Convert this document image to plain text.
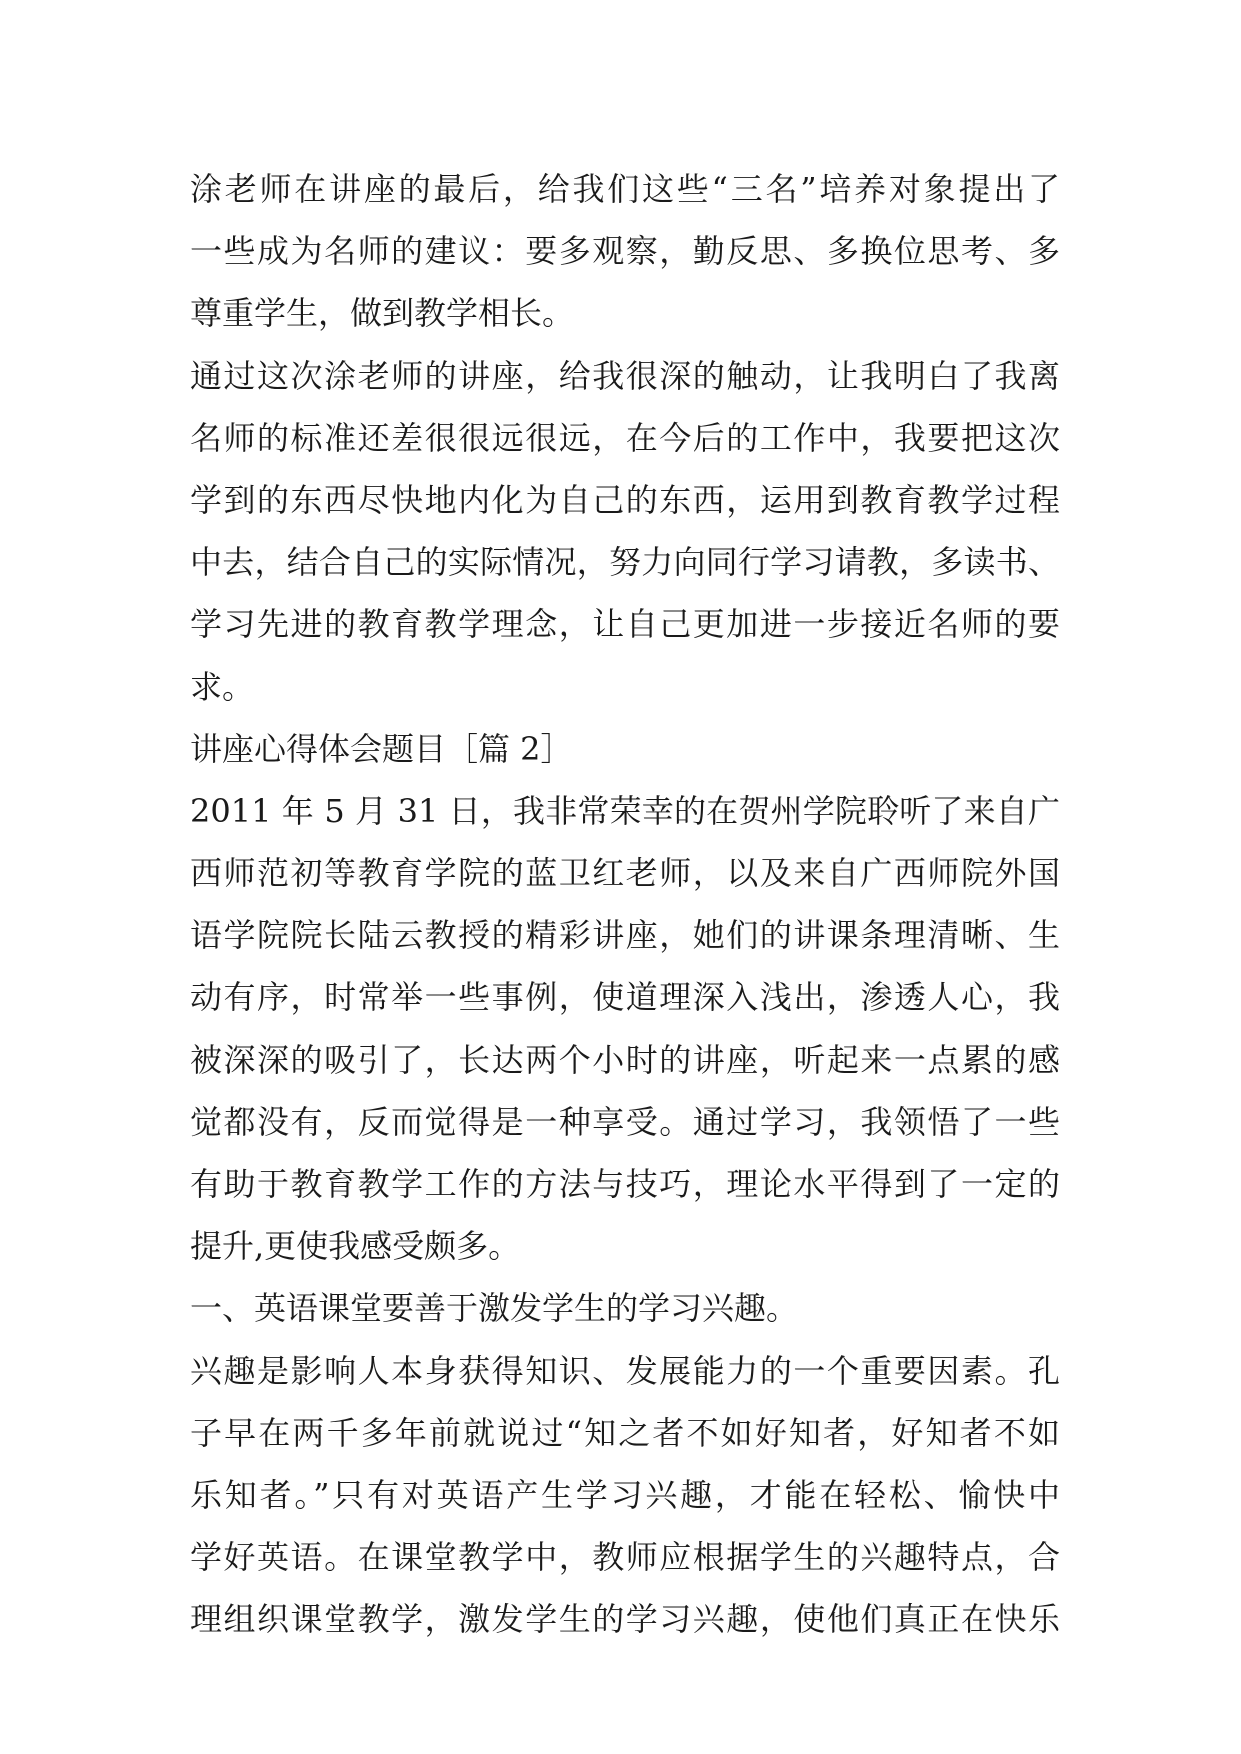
涂老师在讲座的最后，给我们这些“三名”培养对象提出了
一些成为名师的建议：要多观察，勤反思、多换位思考、多
尊重学生，做到教学相长。
通过这次涂老师的讲座，给我很深的触动，让我明白了我离
名师的标准还差很很远很远，在今后的工作中，我要把这次
学到的东西尽快地内化为自己的东西，运用到教育教学过程
中去，结合自己的实际情况，努力向同行学习请教，多读书、
学习先进的教育教学理念，让自己更加进一步接近名师的要
求。
讲座心得体会题目［篇 2］
2011 年 5 月 31 日，我非常荣幸的在贺州学院聆听了来自广
西师范初等教育学院的蓝卫红老师，以及来自广西师院外国
语学院院长陆云教授的精彩讲座，她们的讲课条理清晰、生
动有序，时常举一些事例，使道理深入浅出，渗透人心，我
被深深的吸引了，长达两个小时的讲座，听起来一点累的感
觉都没有，反而觉得是一种享受。通过学习，我领悟了一些
有助于教育教学工作的方法与技巧，理论水平得到了一定的
提升,更使我感受颇多。
一、英语课堂要善于激发学生的学习兴趣。
兴趣是影响人本身获得知识、发展能力的一个重要因素。孔
子早在两千多年前就说过“知之者不如好知者，好知者不如
乐知者。”只有对英语产生学习兴趣，才能在轻松、愉快中
学好英语。在课堂教学中，教师应根据学生的兴趣特点，合
理组织课堂教学，激发学生的学习兴趣，使他们真正在快乐
